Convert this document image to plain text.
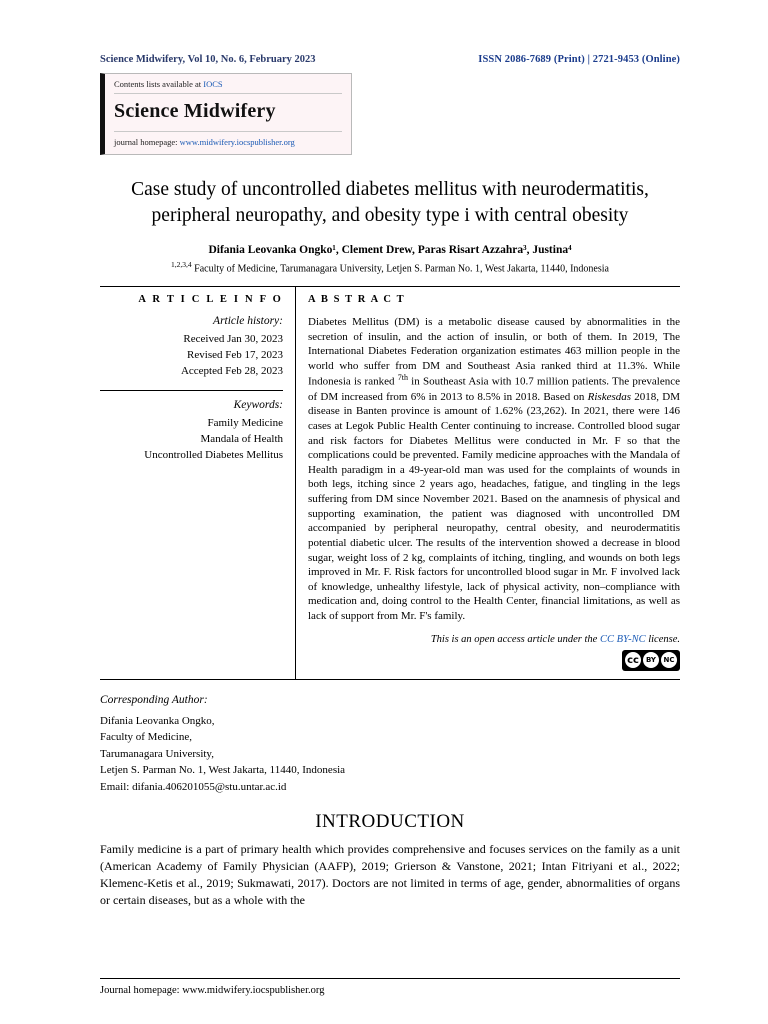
Science Midwifery, Vol 10, No. 6, February 2023	ISSN 2086-7689 (Print) | 2721-9453 (Online)
Contents lists available at IOCS
Science Midwifery
journal homepage: www.midwifery.iocspublisher.org
Case study of uncontrolled diabetes mellitus with neurodermatitis, peripheral neuropathy, and obesity type i with central obesity
Difania Leovanka Ongko¹, Clement Drew, Paras Risart Azzahra³, Justina⁴
$^{1,2,3,4}$ Faculty of Medicine, Tarumanagara University, Letjen S. Parman No. 1, West Jakarta, 11440, Indonesia
A R T I C L E I N F O
Article history:
Received Jan 30, 2023
Revised Feb 17, 2023
Accepted Feb 28, 2023
Keywords:
Family Medicine
Mandala of Health
Uncontrolled Diabetes Mellitus
A B S T R A C T
Diabetes Mellitus (DM) is a metabolic disease caused by abnormalities in the secretion of insulin, and the action of insulin, or both of them. In 2019, The International Diabetes Federation organization estimates 463 million people in the world who suffer from DM and Southeast Asia ranked third at 11.3%. While Indonesia is ranked $^{7th}$ in Southeast Asia with 10.7 million patients. The prevalence of DM increased from 6% in 2013 to 8.5% in 2018. Based on Riskesdas 2018, DM disease in Banten province is amount of 1.62% (23,262). In 2021, there were 146 cases at Legok Public Health Center continuing to increase. Controlled blood sugar and risk factors for Diabetes Mellitus were conducted in Mr. F so that the complications could be prevented. Family medicine approaches with the Mandala of Health paradigm in a 49-year-old man was used for the complaints of wounds in both legs, itching since 2 years ago, headaches, fatigue, and tingling in the legs suffering from DM since November 2021. Based on the anamnesis of physical and supporting examination, the patient was diagnosed with uncontrolled DM accompanied by peripheral neuropathy, central obesity, and neurodermatitis potential diabetic ulcer. The results of the intervention showed a decrease in blood sugar, weight loss of 2 kg, complaints of itching, tingling, and wounds on both legs improved in Mr. F. Risk factors for uncontrolled blood sugar in Mr. F involved lack of knowledge, unhealthy lifestyle, lack of physical activity, non–compliance with medication and, doing control to the Health Center, financial limitations, as well as lack of support from Mr. F's family.
This is an open access article under the CC BY-NC license.
cc	BY	NC
Corresponding Author:
Difania Leovanka Ongko,
Faculty of Medicine,
Tarumanagara University,
Letjen S. Parman No. 1, West Jakarta, 11440, Indonesia
Email: difania.406201055@stu.untar.ac.id
INTRODUCTION
Family medicine is a part of primary health which provides comprehensive and focuses services on the family as a unit (American Academy of Family Physician (AAFP), 2019; Grierson & Vanstone, 2021; Intan Fitriyani et al., 2022; Klemenc-Ketis et al., 2019; Sukmawati, 2017). Doctors are not limited in terms of age, gender, abnormalities of organs or certain diseases, but as a whole with the
Journal homepage: www.midwifery.iocspublisher.org
